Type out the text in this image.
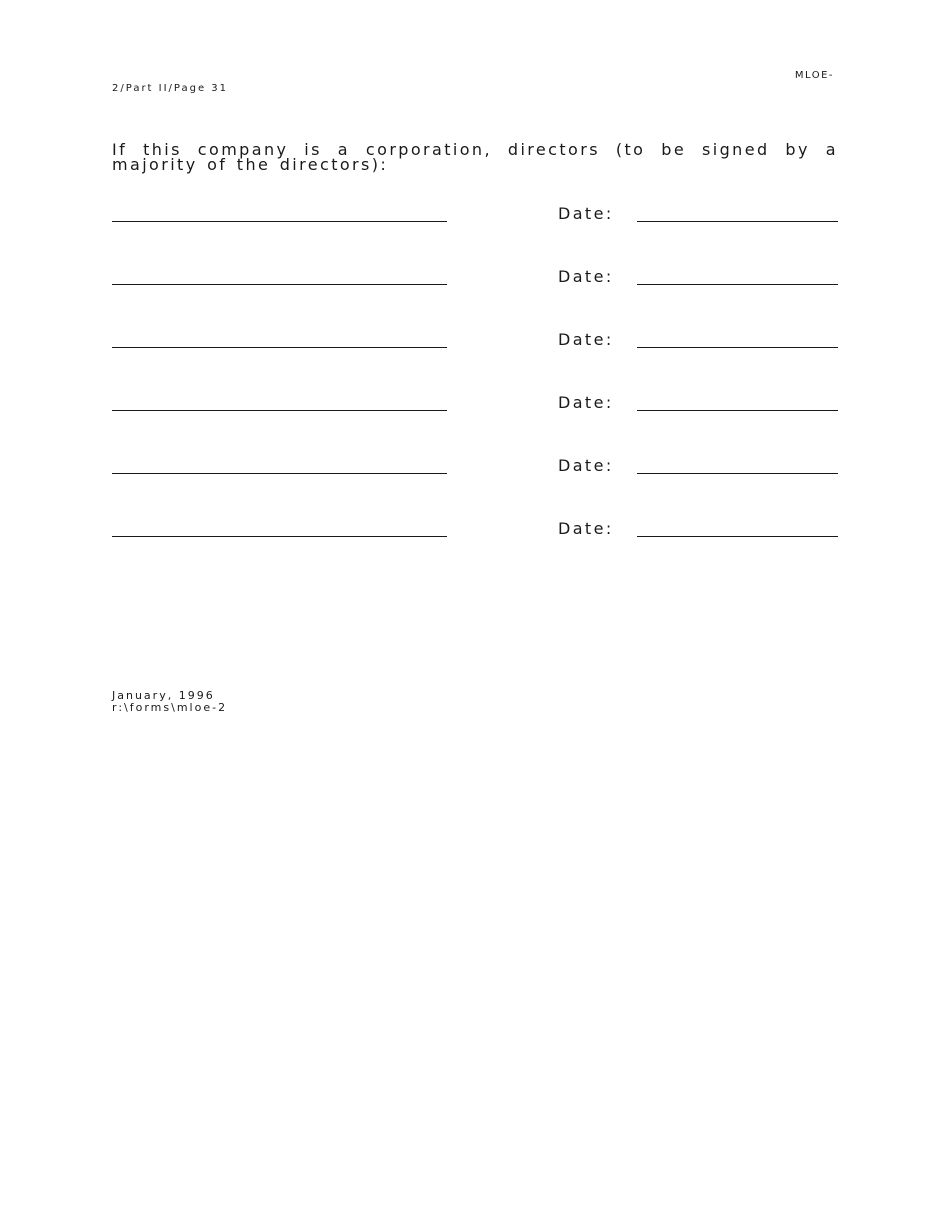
MLOE-
2/Part II/Page 31
If this company is a corporation, directors (to be signed by a majority of the directors):
Date:
Date:
Date:
Date:
Date:
Date:
January, 1996
r:\forms\mloe-2
